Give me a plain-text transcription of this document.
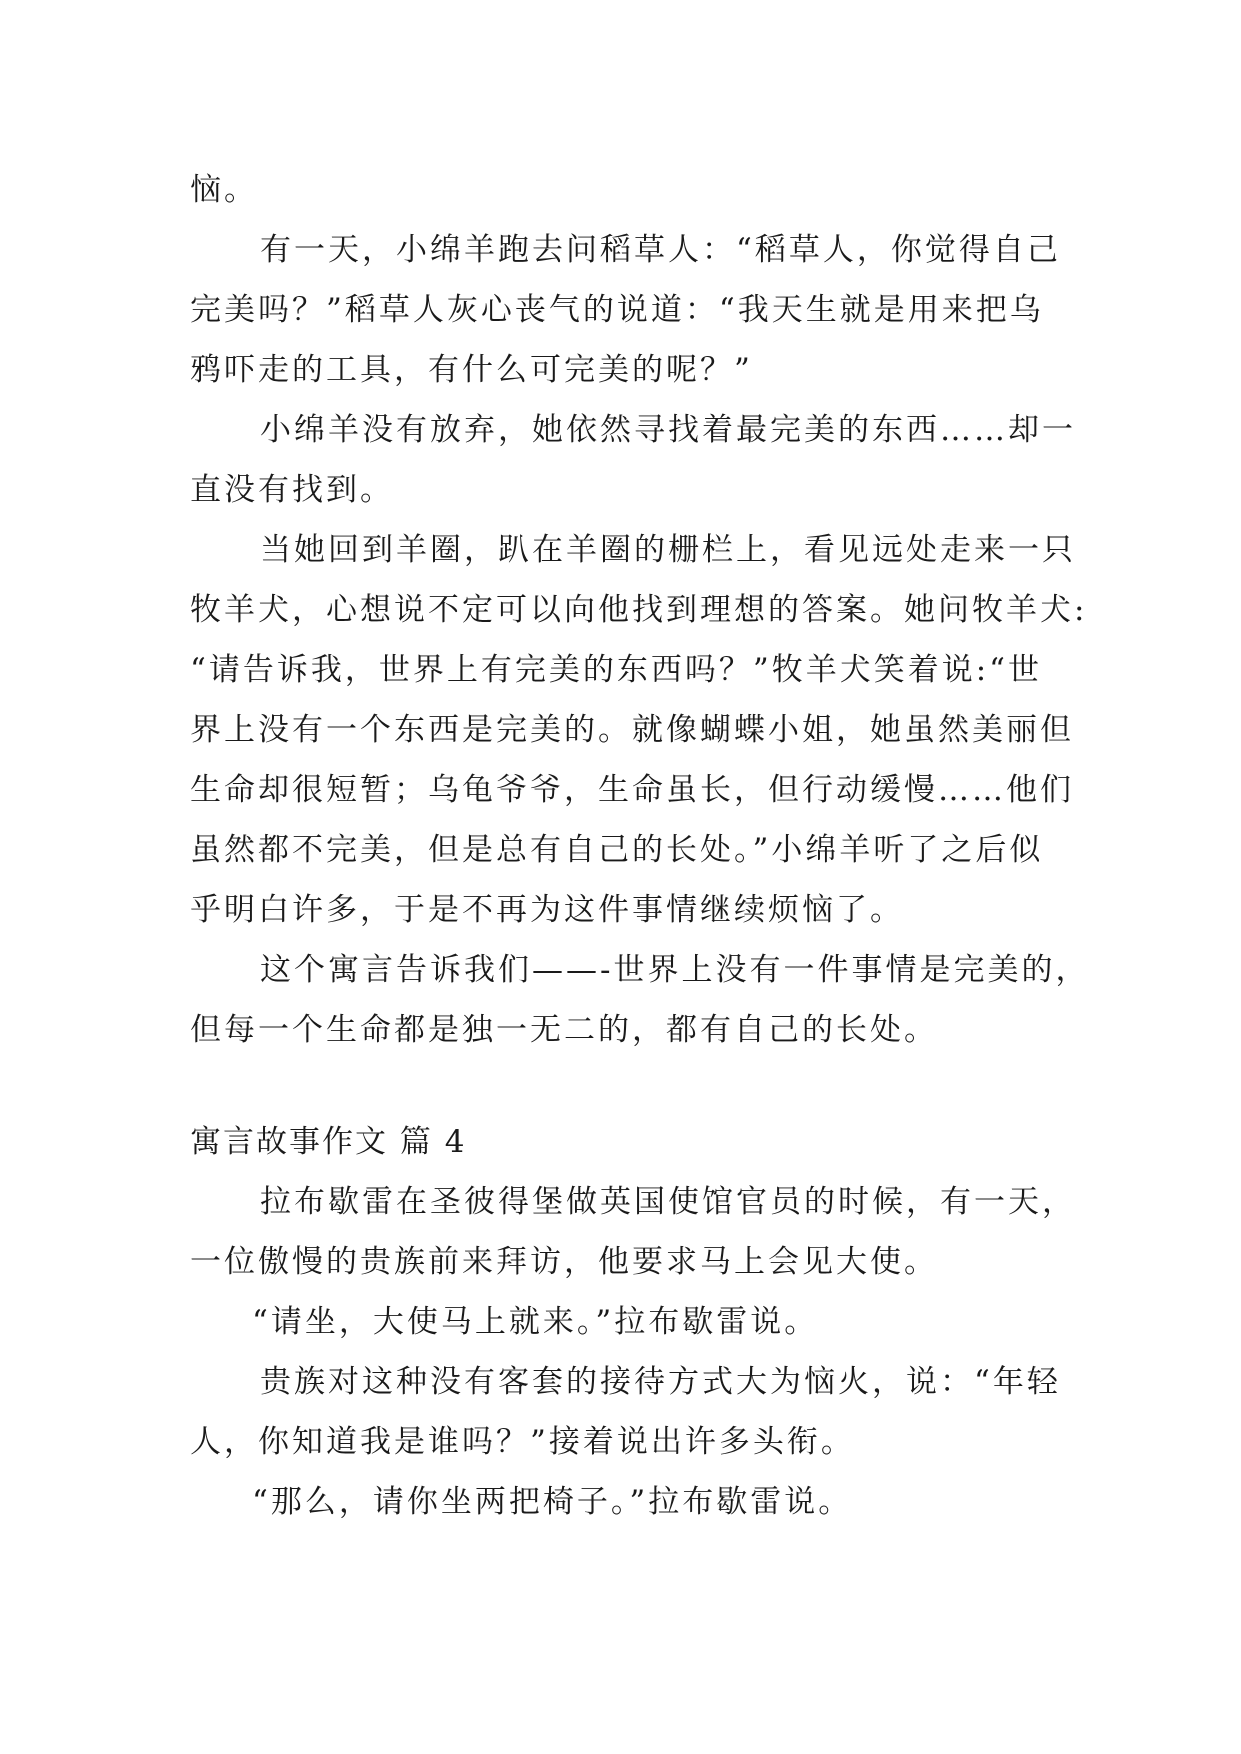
恼。
有一天，小绵羊跑去问稻草人：“稻草人，你觉得自己
完美吗？”稻草人灰心丧气的说道：“我天生就是用来把乌
鸦吓走的工具，有什么可完美的呢？”
小绵羊没有放弃，她依然寻找着最完美的东西……却一
直没有找到。
当她回到羊圈，趴在羊圈的栅栏上，看见远处走来一只
牧羊犬，心想说不定可以向他找到理想的答案。她问牧羊犬:
“请告诉我，世界上有完美的东西吗？”牧羊犬笑着说:“世
界上没有一个东西是完美的。就像蝴蝶小姐，她虽然美丽但
生命却很短暂；乌龟爷爷，生命虽长，但行动缓慢……他们
虽然都不完美，但是总有自己的长处。”小绵羊听了之后似
乎明白许多，于是不再为这件事情继续烦恼了。
这个寓言告诉我们——-世界上没有一件事情是完美的，
但每一个生命都是独一无二的，都有自己的长处。
寓言故事作文 篇 4
拉布歇雷在圣彼得堡做英国使馆官员的时候，有一天，
一位傲慢的贵族前来拜访，他要求马上会见大使。
“请坐，大使马上就来。”拉布歇雷说。
贵族对这种没有客套的接待方式大为恼火，说：“年轻
人，你知道我是谁吗？”接着说出许多头衔。
“那么，请你坐两把椅子。”拉布歇雷说。
